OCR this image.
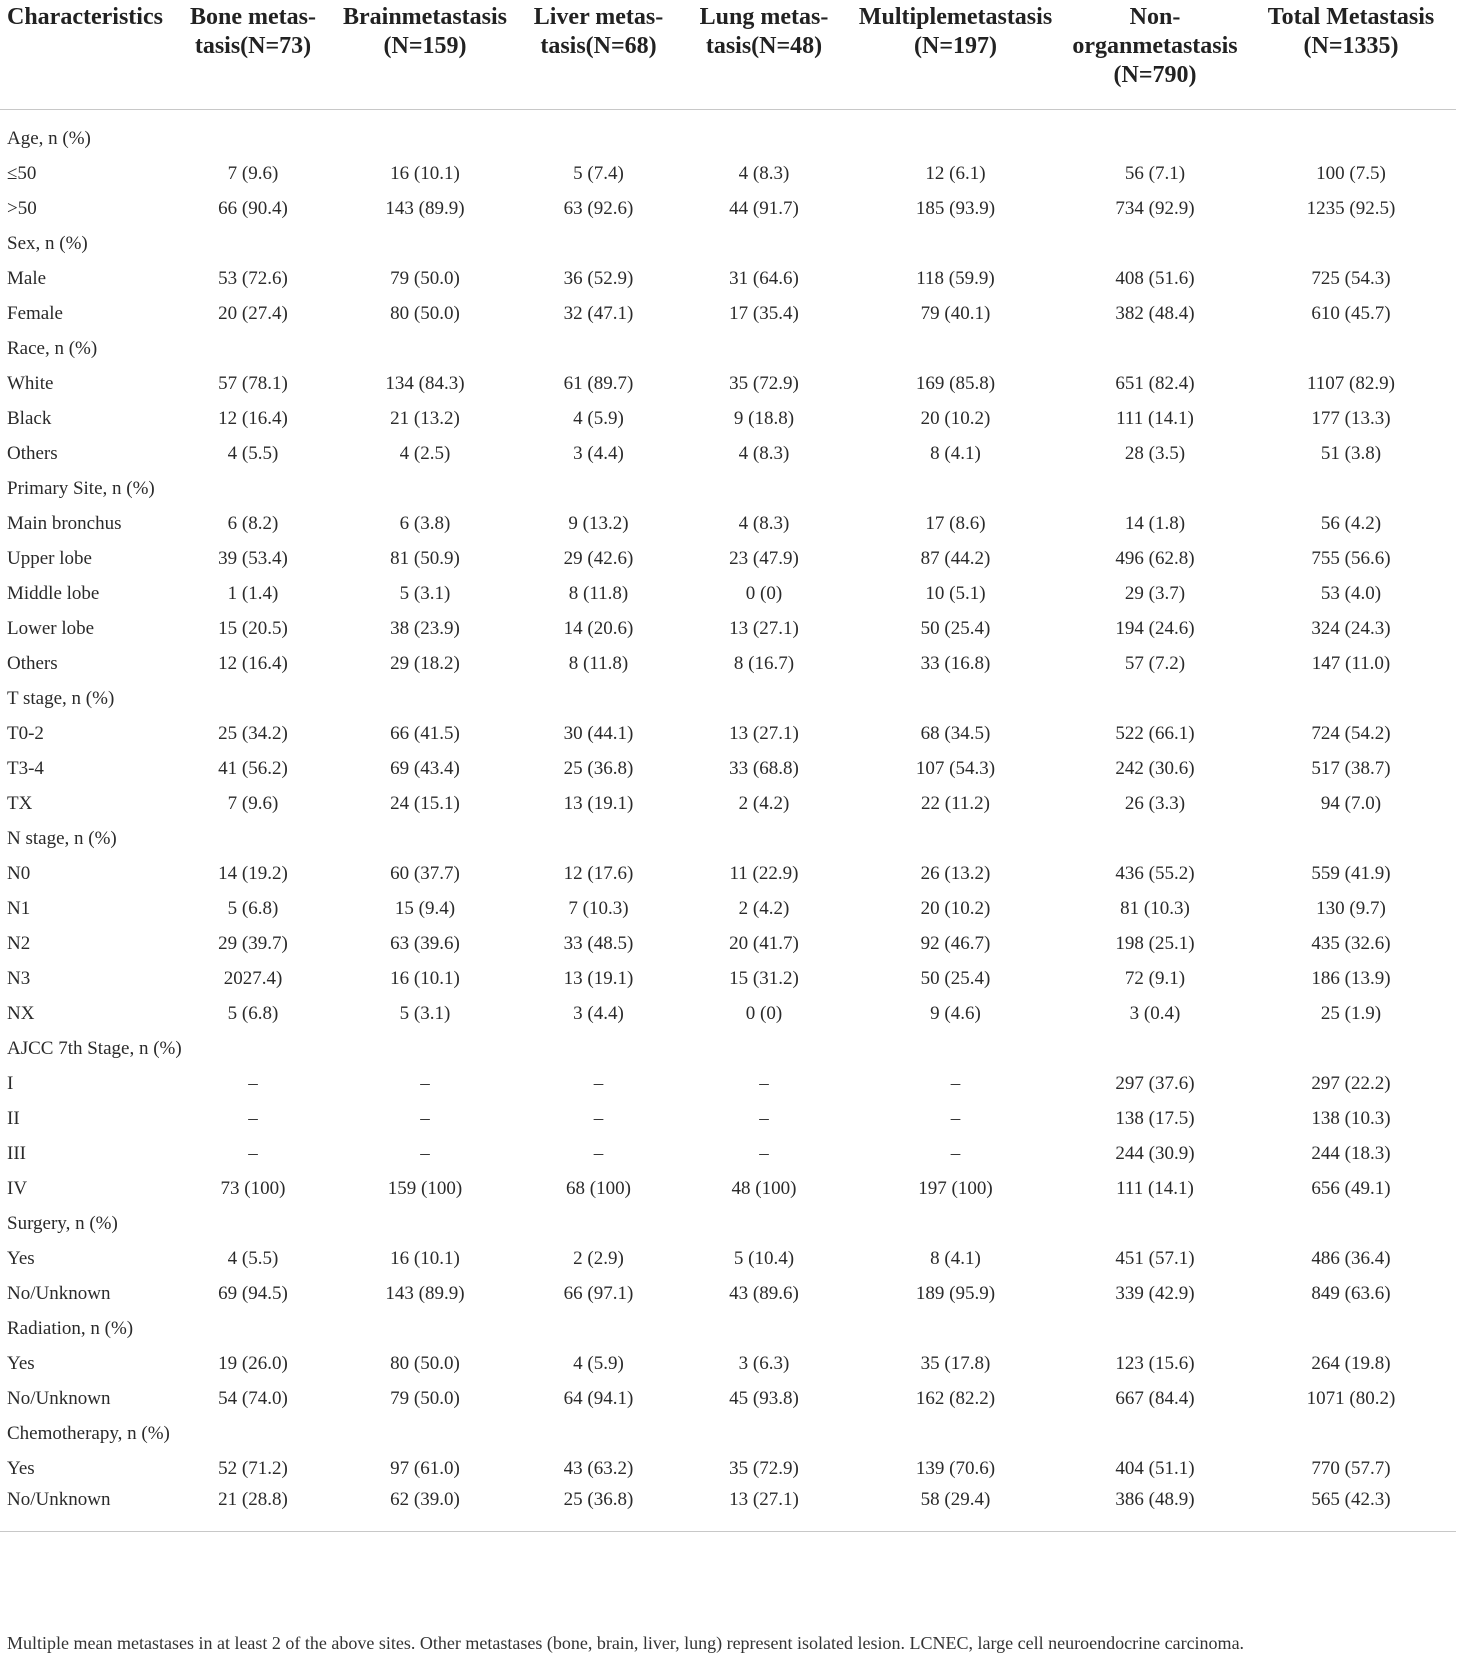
Characteristics	Bone metas-tasis(N=73)	Brainmetastasis (N=159)	Liver metas-tasis(N=68)	Lung metas-tasis(N=48)	Multiplemetastasis (N=197)	Non-organmetastasis (N=790)	Total Metastasis (N=1335)

Age, n (%)							
≤50	7 (9.6)	16 (10.1)	5 (7.4)	4 (8.3)	12 (6.1)	56 (7.1)	100 (7.5)
>50	66 (90.4)	143 (89.9)	63 (92.6)	44 (91.7)	185 (93.9)	734 (92.9)	1235 (92.5)
Sex, n (%)							
Male	53 (72.6)	79 (50.0)	36 (52.9)	31 (64.6)	118 (59.9)	408 (51.6)	725 (54.3)
Female	20 (27.4)	80 (50.0)	32 (47.1)	17 (35.4)	79 (40.1)	382 (48.4)	610 (45.7)
Race, n (%)							
White	57 (78.1)	134 (84.3)	61 (89.7)	35 (72.9)	169 (85.8)	651 (82.4)	1107 (82.9)
Black	12 (16.4)	21 (13.2)	4 (5.9)	9 (18.8)	20 (10.2)	111 (14.1)	177 (13.3)
Others	4 (5.5)	4 (2.5)	3 (4.4)	4 (8.3)	8 (4.1)	28 (3.5)	51 (3.8)
Primary Site, n (%)							
Main bronchus	6 (8.2)	6 (3.8)	9 (13.2)	4 (8.3)	17 (8.6)	14 (1.8)	56 (4.2)
Upper lobe	39 (53.4)	81 (50.9)	29 (42.6)	23 (47.9)	87 (44.2)	496 (62.8)	755 (56.6)
Middle lobe	1 (1.4)	5 (3.1)	8 (11.8)	0 (0)	10 (5.1)	29 (3.7)	53 (4.0)
Lower lobe	15 (20.5)	38 (23.9)	14 (20.6)	13 (27.1)	50 (25.4)	194 (24.6)	324 (24.3)
Others	12 (16.4)	29 (18.2)	8 (11.8)	8 (16.7)	33 (16.8)	57 (7.2)	147 (11.0)
T stage, n (%)							
T0-2	25 (34.2)	66 (41.5)	30 (44.1)	13 (27.1)	68 (34.5)	522 (66.1)	724 (54.2)
T3-4	41 (56.2)	69 (43.4)	25 (36.8)	33 (68.8)	107 (54.3)	242 (30.6)	517 (38.7)
TX	7 (9.6)	24 (15.1)	13 (19.1)	2 (4.2)	22 (11.2)	26 (3.3)	94 (7.0)
N stage, n (%)							
N0	14 (19.2)	60 (37.7)	12 (17.6)	11 (22.9)	26 (13.2)	436 (55.2)	559 (41.9)
N1	5 (6.8)	15 (9.4)	7 (10.3)	2 (4.2)	20 (10.2)	81 (10.3)	130 (9.7)
N2	29 (39.7)	63 (39.6)	33 (48.5)	20 (41.7)	92 (46.7)	198 (25.1)	435 (32.6)
N3	2027.4)	16 (10.1)	13 (19.1)	15 (31.2)	50 (25.4)	72 (9.1)	186 (13.9)
NX	5 (6.8)	5 (3.1)	3 (4.4)	0 (0)	9 (4.6)	3 (0.4)	25 (1.9)
AJCC 7th Stage, n (%)							
I	–	–	–	–	–	297 (37.6)	297 (22.2)
II	–	–	–	–	–	138 (17.5)	138 (10.3)
III	–	–	–	–	–	244 (30.9)	244 (18.3)
IV	73 (100)	159 (100)	68 (100)	48 (100)	197 (100)	111 (14.1)	656 (49.1)
Surgery, n (%)							
Yes	4 (5.5)	16 (10.1)	2 (2.9)	5 (10.4)	8 (4.1)	451 (57.1)	486 (36.4)
No/Unknown	69 (94.5)	143 (89.9)	66 (97.1)	43 (89.6)	189 (95.9)	339 (42.9)	849 (63.6)
Radiation, n (%)							
Yes	19 (26.0)	80 (50.0)	4 (5.9)	3 (6.3)	35 (17.8)	123 (15.6)	264 (19.8)
No/Unknown	54 (74.0)	79 (50.0)	64 (94.1)	45 (93.8)	162 (82.2)	667 (84.4)	1071 (80.2)
Chemotherapy, n (%)							
Yes	52 (71.2)	97 (61.0)	43 (63.2)	35 (72.9)	139 (70.6)	404 (51.1)	770 (57.7)
No/Unknown	21 (28.8)	62 (39.0)	25 (36.8)	13 (27.1)	58 (29.4)	386 (48.9)	565 (42.3)
Multiple mean metastases in at least 2 of the above sites. Other metastases (bone, brain, liver, lung) represent isolated lesion. LCNEC, large cell neuroendocrine carcinoma.
